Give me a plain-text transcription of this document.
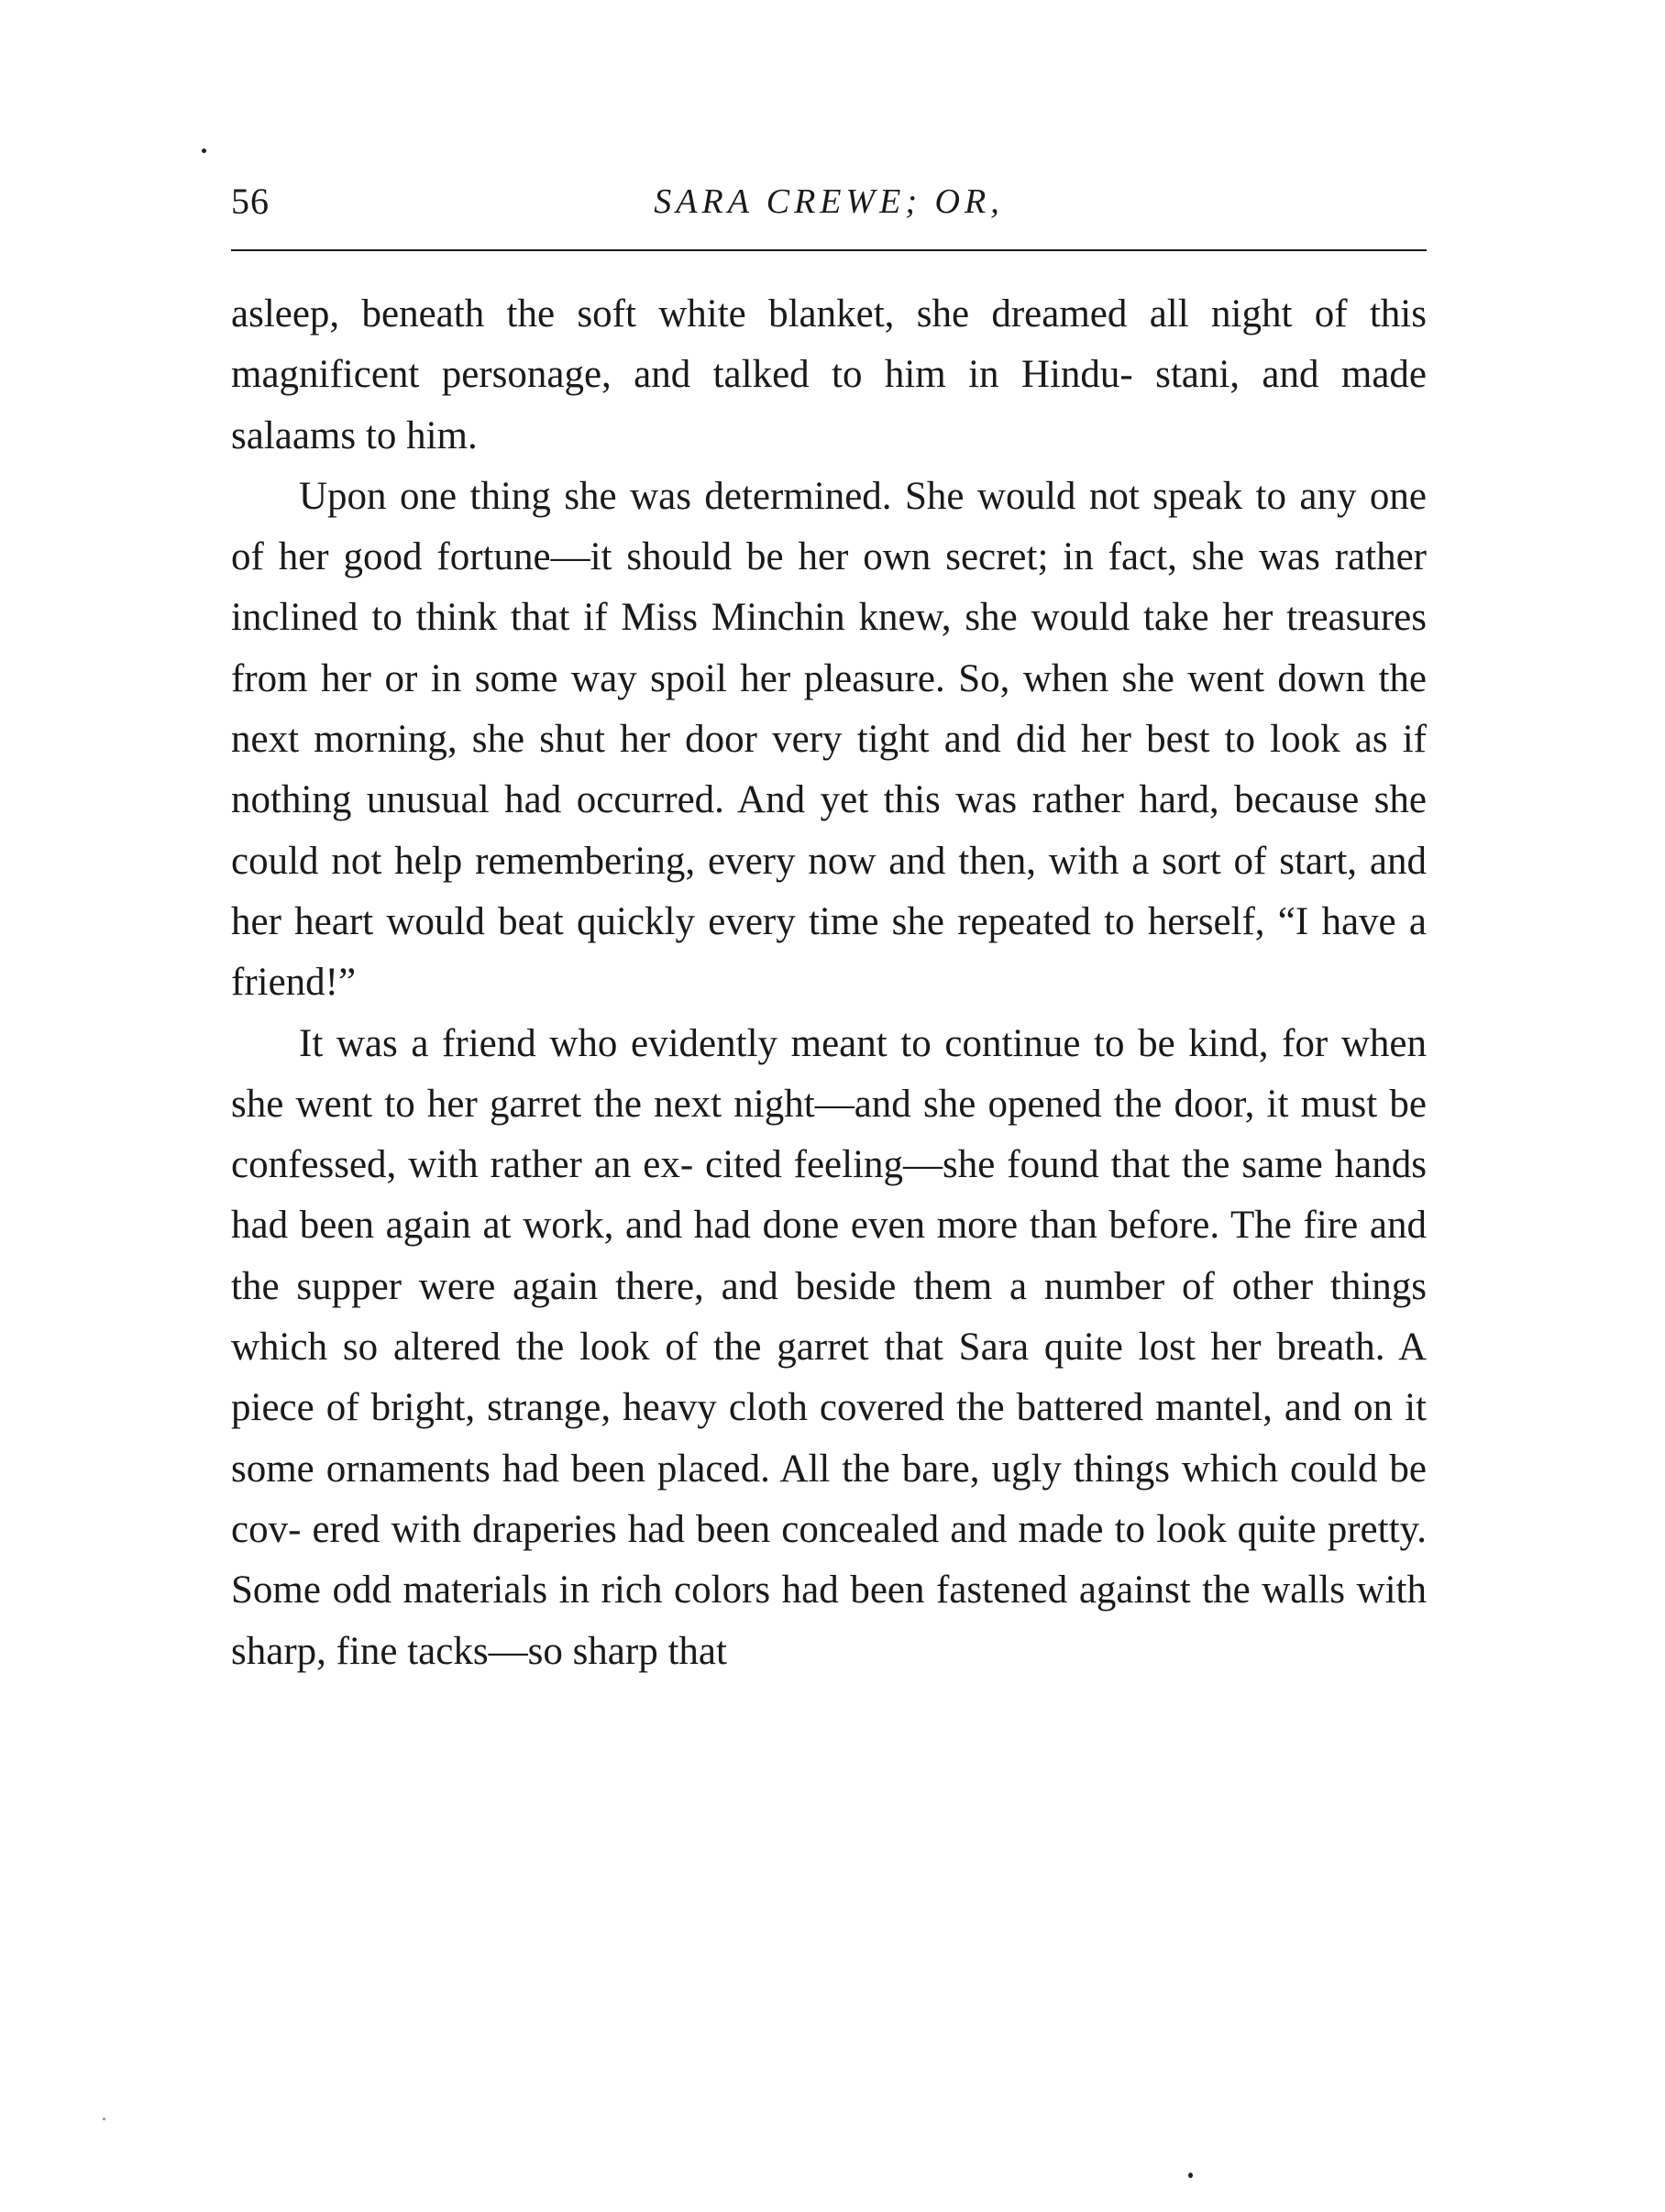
56	SARA CREWE; OR,

asleep, beneath the soft white blanket, she dreamed all night of this magnificent personage, and talked to him in Hindu- stani, and made salaams to him.

Upon one thing she was determined. She would not speak to any one of her good fortune—it should be her own secret; in fact, she was rather inclined to think that if Miss Minchin knew, she would take her treasures from her or in some way spoil her pleasure. So, when she went down the next morning, she shut her door very tight and did her best to look as if nothing unusual had occurred. And yet this was rather hard, because she could not help remembering, every now and then, with a sort of start, and her heart would beat quickly every time she repeated to herself, “I have a friend!”

It was a friend who evidently meant to continue to be kind, for when she went to her garret the next night—and she opened the door, it must be confessed, with rather an ex- cited feeling—she found that the same hands had been again at work, and had done even more than before. The fire and the supper were again there, and beside them a number of other things which so altered the look of the garret that Sara quite lost her breath. A piece of bright, strange, heavy cloth covered the battered mantel, and on it some ornaments had been placed. All the bare, ugly things which could be cov- ered with draperies had been concealed and made to look quite pretty. Some odd materials in rich colors had been fastened against the walls with sharp, fine tacks—so sharp that
